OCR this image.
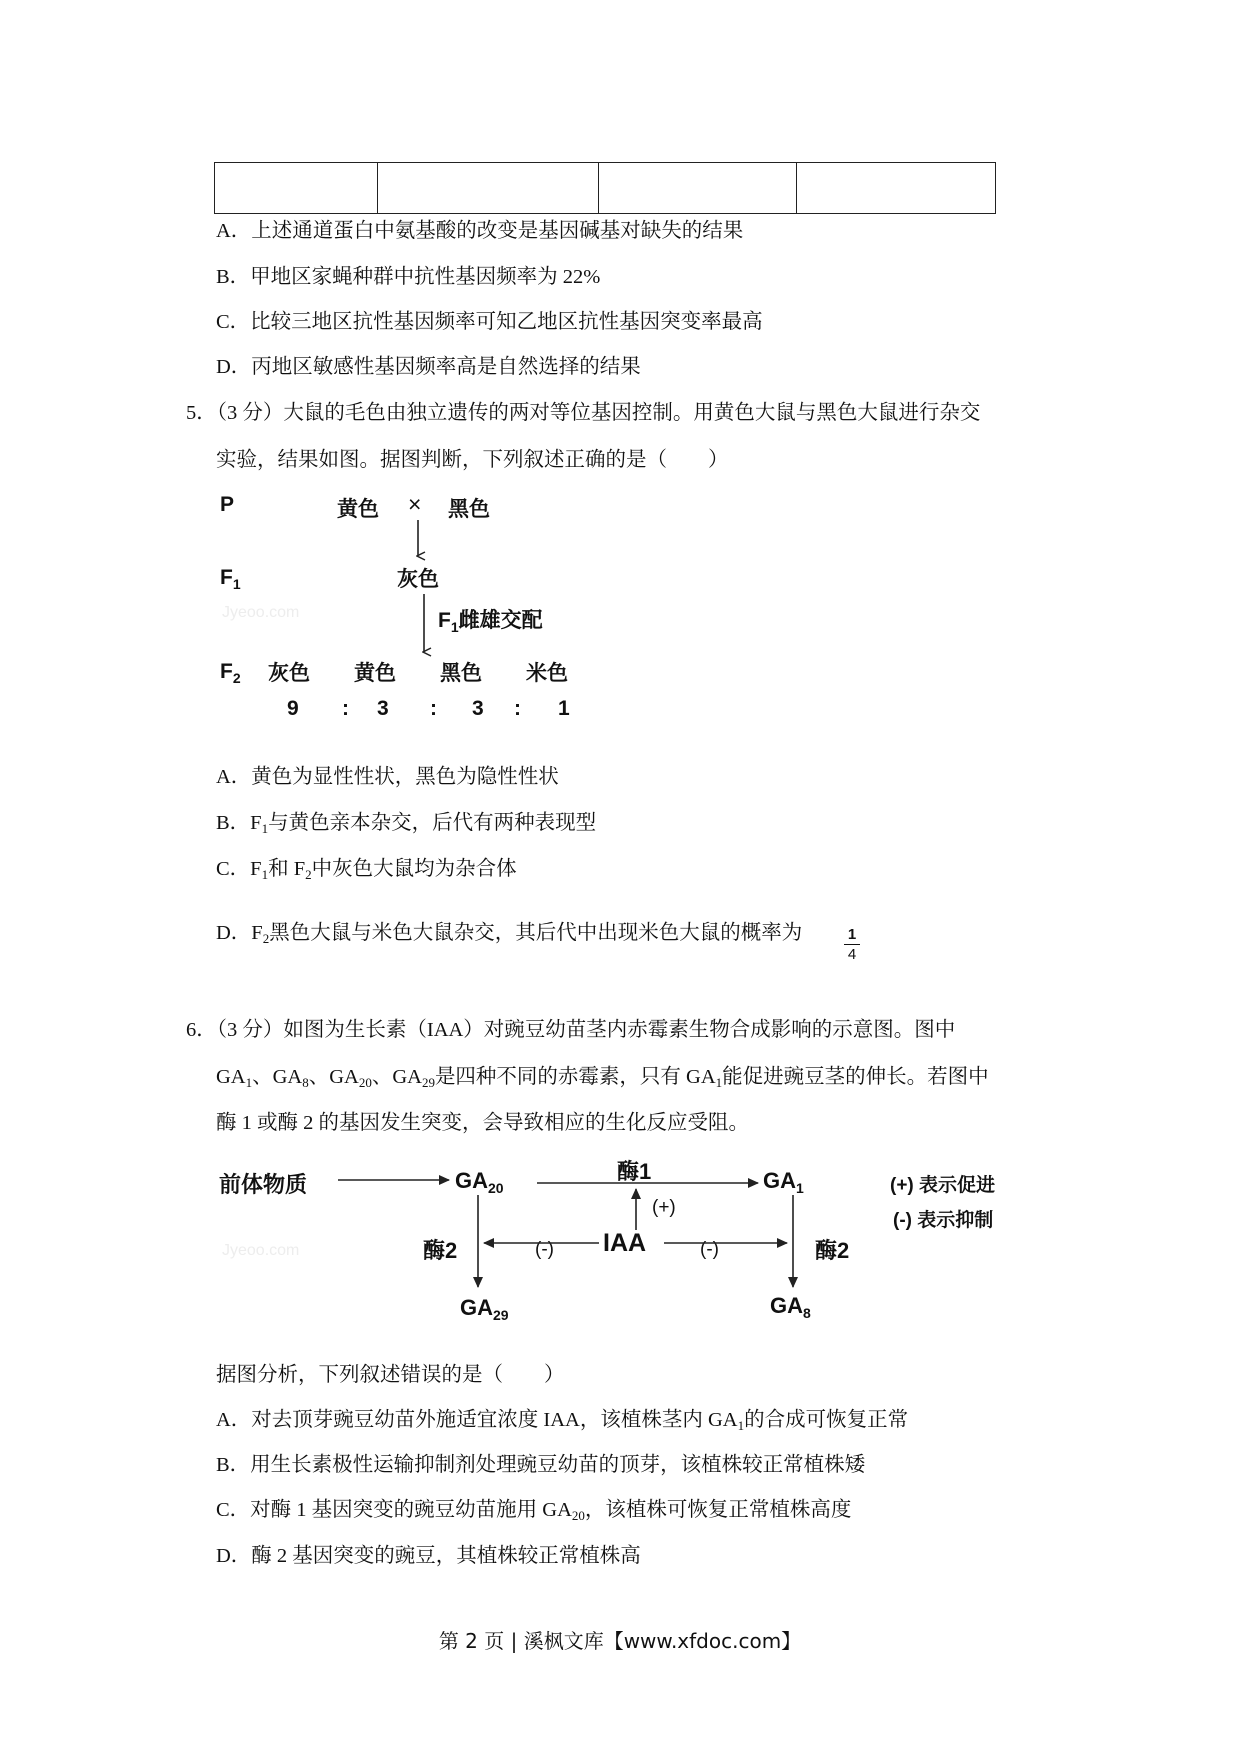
A．上述通道蛋白中氨基酸的改变是基因碱基对缺失的结果
B．甲地区家蝇种群中抗性基因频率为 22%
C．比较三地区抗性基因频率可知乙地区抗性基因突变率最高
D．丙地区敏感性基因频率高是自然选择的结果
5．（3 分）大鼠的毛色由独立遗传的两对等位基因控制。用黄色大鼠与黑色大鼠进行杂交
实验，结果如图。据图判断，下列叙述正确的是（　　）
P	黄色 × 黑色
$F_1$	灰色
$F_1$雌雄交配
$F_2$ 灰色 黄色 黑色 米色
9 : 3 : 3 : 1
Jyeoo.com
A．黄色为显性性状，黑色为隐性性状
B．$F_1$与黄色亲本杂交，后代有两种表现型
C．$F_1$和 $F_2$中灰色大鼠均为杂合体
D．$F_2$黑色大鼠与米色大鼠杂交，其后代中出现米色大鼠的概率为	1
4
6．（3 分）如图为生长素（IAA）对豌豆幼苗茎内赤霉素生物合成影响的示意图。图中
$GA_1$、$GA_8$、$GA_{20}$、$GA_{29}$是四种不同的赤霉素，只有 $GA_1$能促进豌豆茎的伸长。若图中
酶 1 或酶 2 的基因发生突变，会导致相应的生化反应受阻。
前体物质	$GA_{20}$
酶1	$GA_1$
(+)
酶2	(-) IAA	(-)	酶2
$GA_{29}$	$GA_8$
(+) 表示促进
(-) 表示抑制
Jyeoo.com
据图分析，下列叙述错误的是（　　）
A．对去顶芽豌豆幼苗外施适宜浓度 IAA，该植株茎内 $GA_1$的合成可恢复正常
B．用生长素极性运输抑制剂处理豌豆幼苗的顶芽，该植株较正常植株矮
C．对酶 1 基因突变的豌豆幼苗施用 $GA_{20}$，该植株可恢复正常植株高度
D．酶 2 基因突变的豌豆，其植株较正常植株高
第 2 页 | 溪枫文库【www.xfdoc.com】
